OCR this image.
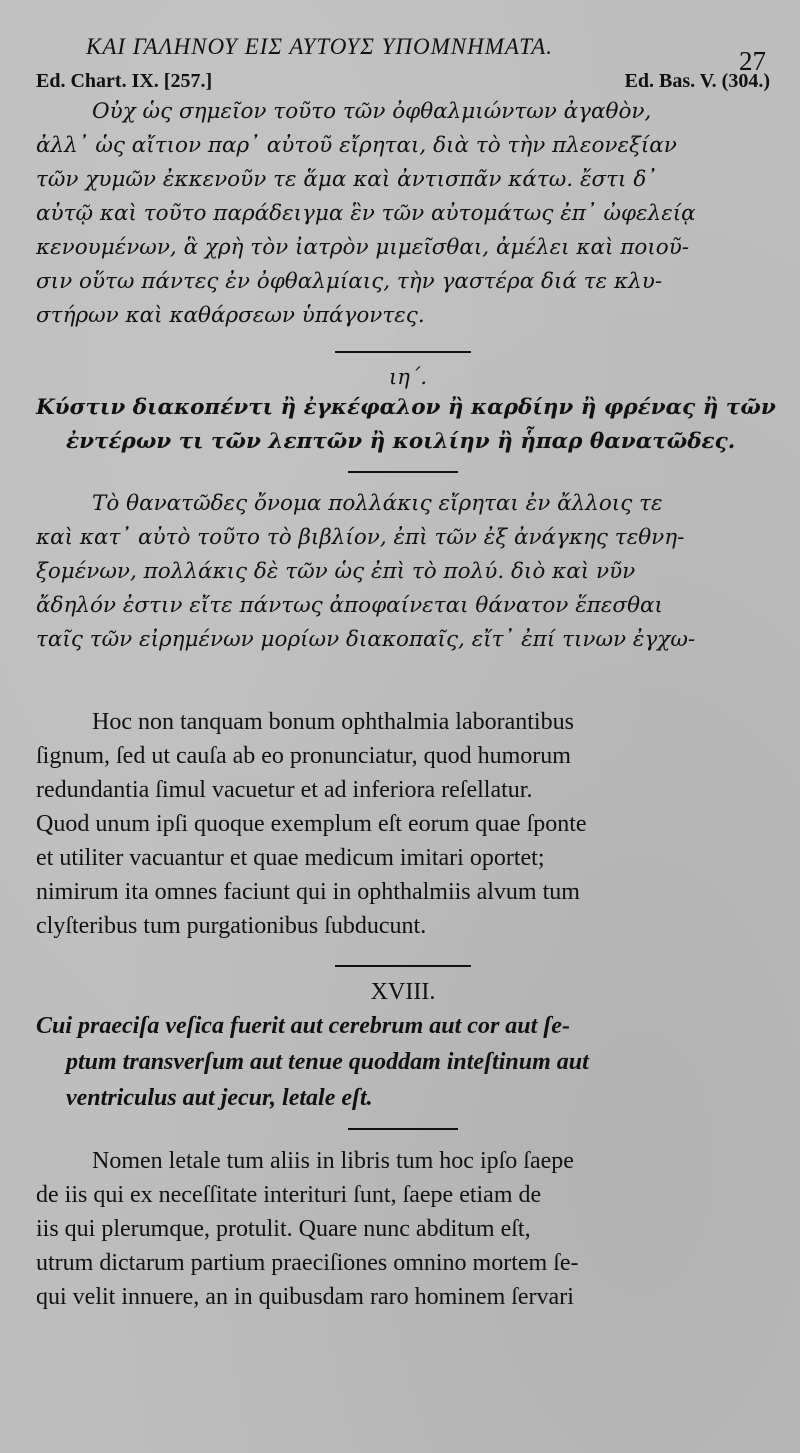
ΚΑΙ ΓΑΛΗΝΟΥ ΕΙΣ ΑΥΤΟΥΣ ΥΠΟΜΝΗΜΑΤΑ.	27
Ed. Chart. IX. [257.]	Ed. Bas. V. (304.)
Οὐχ ὡς σημεῖον τοῦτο τῶν ὀφθαλμιώντων ἀγαθὸν,
ἀλλ᾽ ὡς αἴτιον παρ᾽ αὐτοῦ εἴρηται, διὰ τὸ τὴν πλεονεξίαν
τῶν χυμῶν ἐκκενοῦν τε ἅμα καὶ ἀντισπᾶν κάτω. ἔστι δ᾽
αὐτῷ καὶ τοῦτο παράδειγμα ἓν τῶν αὐτομάτως ἐπ᾽ ὠφελείᾳ
κενουμένων, ἃ χρὴ τὸν ἰατρὸν μιμεῖσθαι, ἀμέλει καὶ ποιοῦ-
σιν οὕτω πάντες ἐν ὀφθαλμίαις, τὴν γαστέρα διά τε κλυ-
στήρων καὶ καθάρσεων ὑπάγοντες.
ιη΄.
Κύστιν διακοπέντι ἢ ἐγκέφαλον ἢ καρδίην ἢ φρένας ἢ τῶν
ἐντέρων τι τῶν λεπτῶν ἢ κοιλίην ἢ ἧπαρ θανατῶδες.
Τὸ θανατῶδες ὄνομα πολλάκις εἴρηται ἐν ἄλλοις τε
καὶ κατ᾽ αὐτὸ τοῦτο τὸ βιβλίον, ἐπὶ τῶν ἐξ ἀνάγκης τεθνη-
ξομένων, πολλάκις δὲ τῶν ὡς ἐπὶ τὸ πολύ. διὸ καὶ νῦν
ἄδηλόν ἐστιν εἴτε πάντως ἀποφαίνεται θάνατον ἕπεσθαι
ταῖς τῶν εἰρημένων μορίων διακοπαῖς, εἴτ᾽ ἐπί τινων ἐγχω-
Hoc non tanquam bonum ophthalmia laborantibus
ſignum, ſed ut cauſa ab eo pronunciatur, quod humorum
redundantia ſimul vacuetur et ad inferiora reſellatur.
Quod unum ipſi quoque exemplum eſt eorum quae ſponte
et utiliter vacuantur et quae medicum imitari oportet;
nimirum ita omnes faciunt qui in ophthalmiis alvum tum
clyſteribus tum purgationibus ſubducunt.
XVIII.
Cui praeciſa veſica fuerit aut cerebrum aut cor aut ſe-
ptum transverſum aut tenue quoddam inteſtinum aut
ventriculus aut jecur, letale eſt.
Nomen letale tum aliis in libris tum hoc ipſo ſaepe
de iis qui ex neceſſitate interituri ſunt, ſaepe etiam de
iis qui plerumque, protulit. Quare nunc abditum eſt,
utrum dictarum partium praeciſiones omnino mortem ſe-
qui velit innuere, an in quibusdam raro hominem ſervari
